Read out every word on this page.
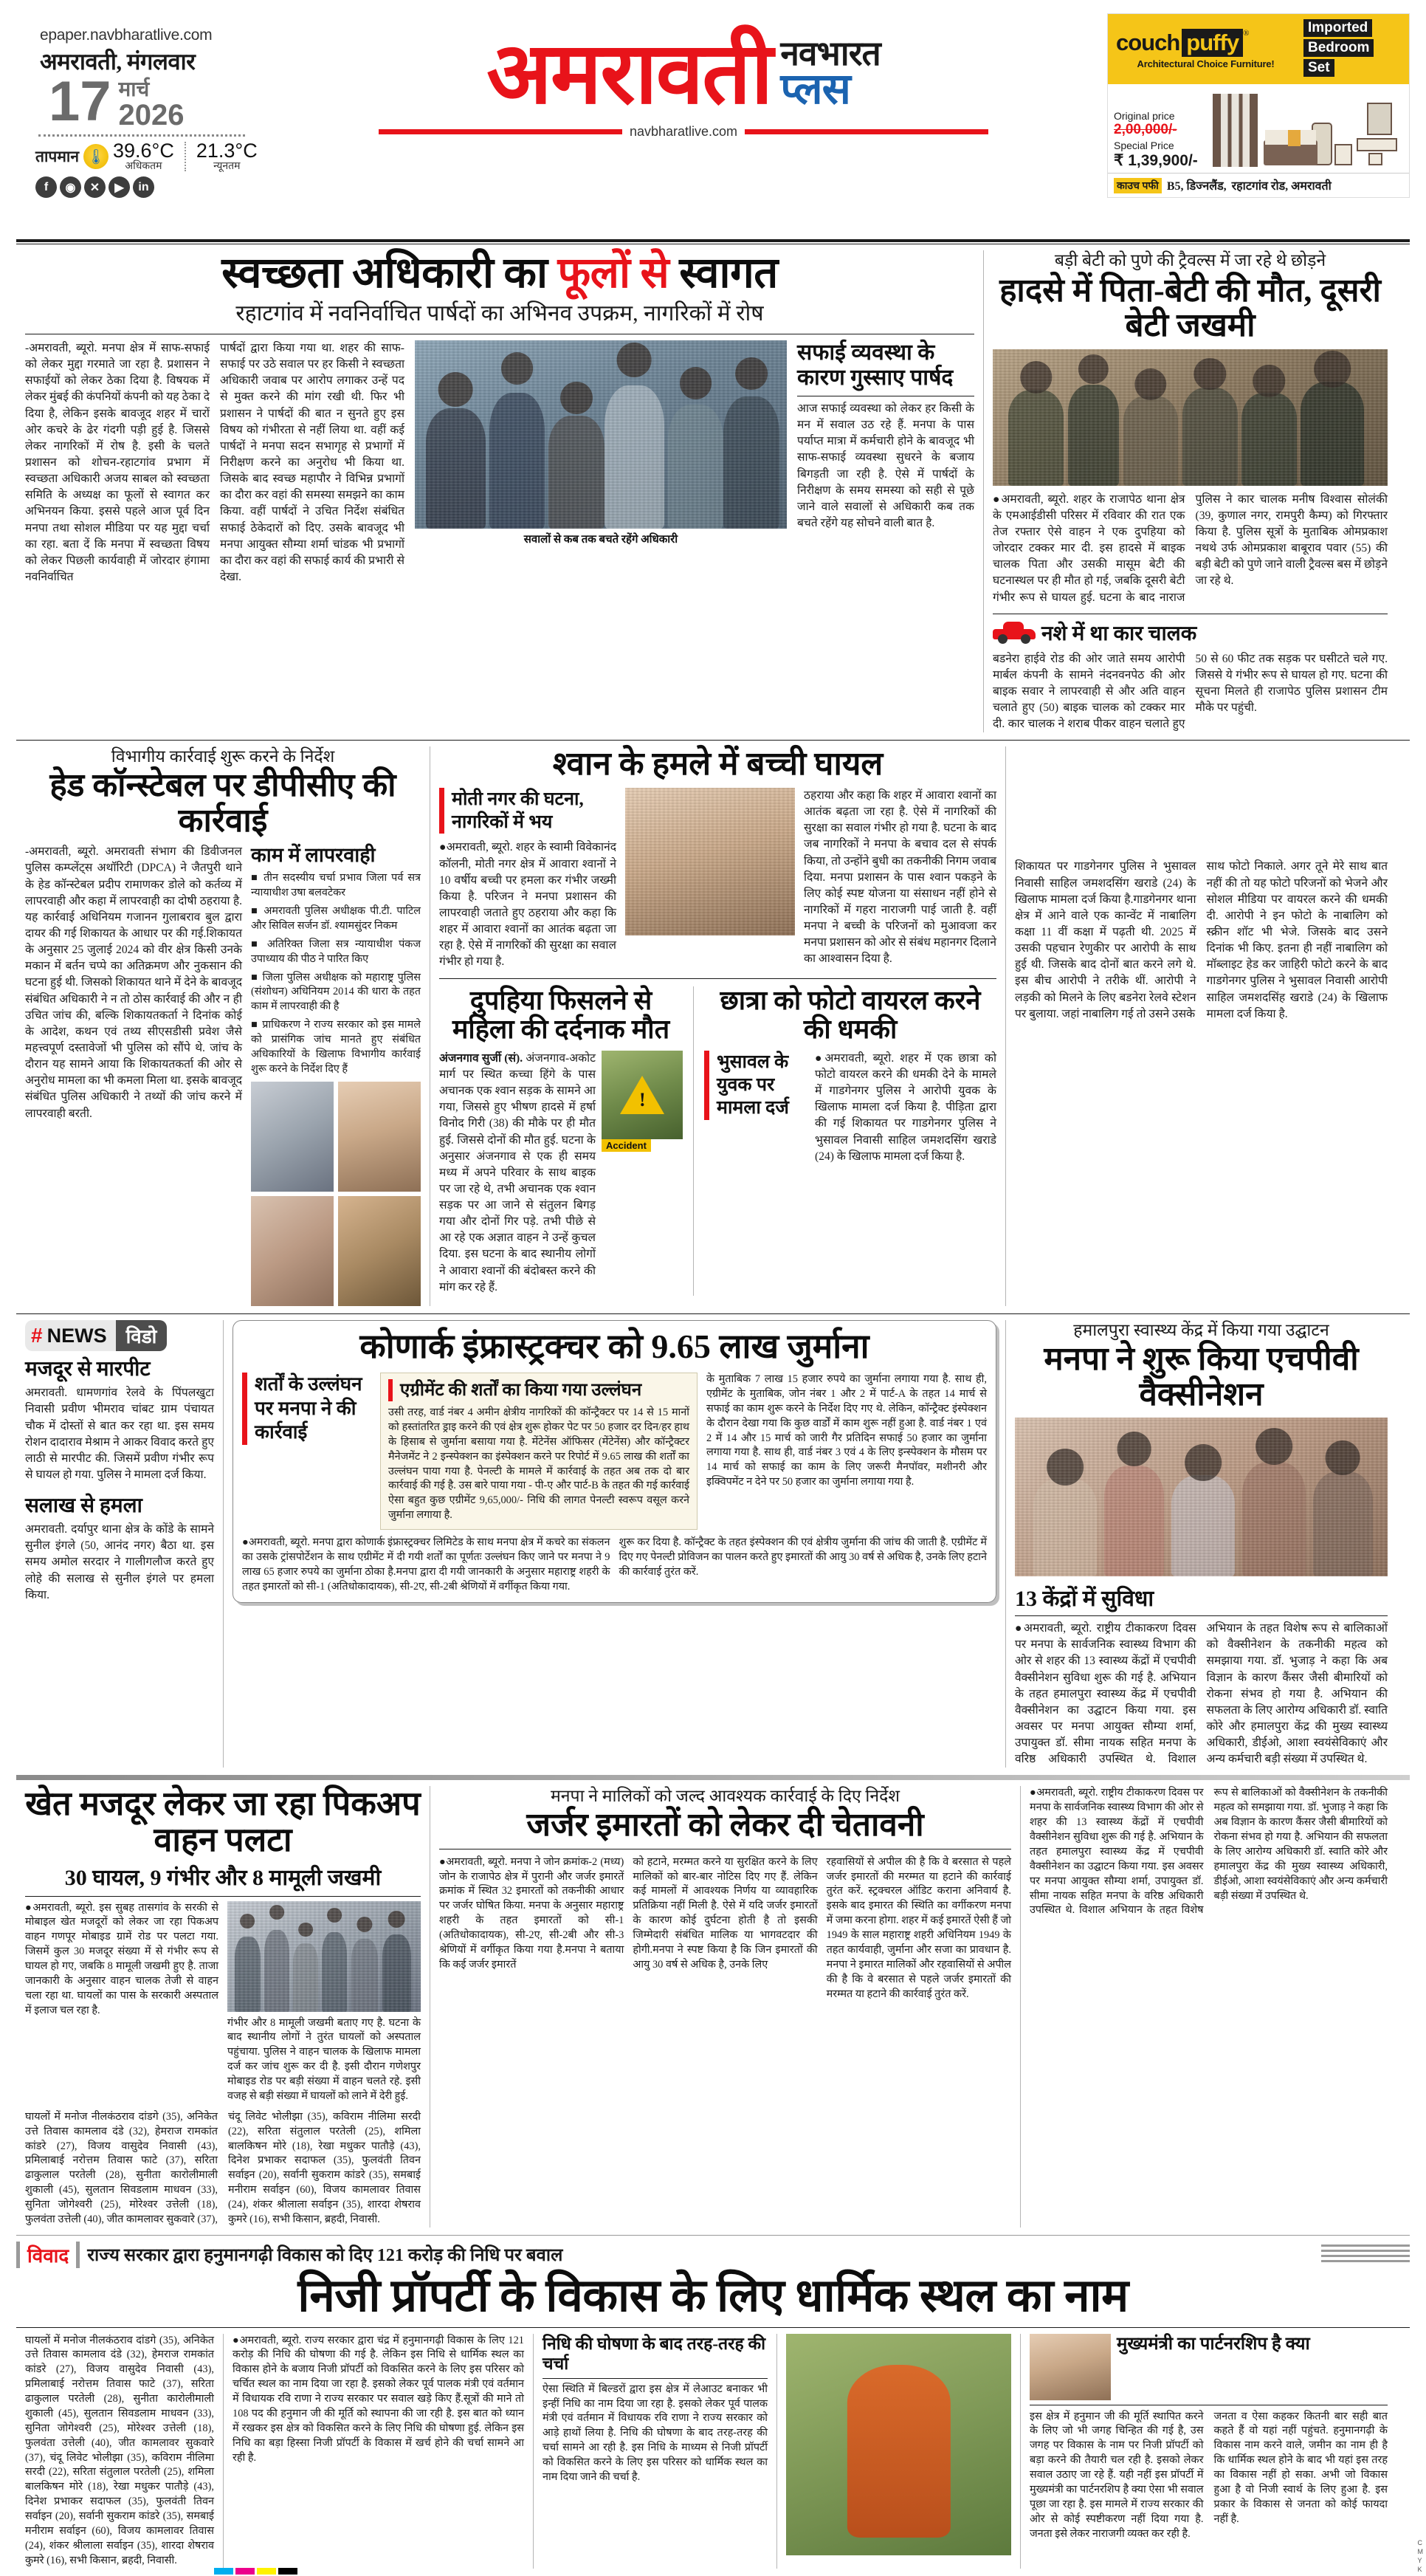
epaper.navbharatlive.com
अमरावती, मंगलवार
17 मार्च
2026
तापमान 🌡 39.6°C
अधिकतम
21.3°C
न्यूनतम
f	◉	✕	▶	in
अमरावती नवभारत
प्लस
navbharatlive.com
couch puffy ®
Architectural Choice Furniture!
Imported Bedroom Set
Original price
2,00,000/-
Special Price
₹ 1,39,900/-
काउच पफी B5, डिज्नलैंड, रहाटगांव रोड, अमरावती
स्वच्छता अधिकारी का फूलों से स्वागत
रहाटगांव में नवनिर्वाचित पार्षदों का अभिनव उपक्रम, नागरिकों में रोष

-अमरावती, ब्यूरो. मनपा क्षेत्र में साफ-सफाई को लेकर मुद्दा गरमाते जा रहा है. प्रशासन ने सफाईयों को लेकर ठेका दिया है. विषयक में लेकर मुंबई की कंपनियों कंपनी को यह ठेका दे दिया है, लेकिन इसके बावजूद शहर में चारों ओर कचरे के ढेर गंदगी पड़ी हुई है. जिससे लेकर नागरिकों में रोष है. इसी के चलते प्रशासन को शोचन-रहाटगांव प्रभाग में स्वच्छता अधिकारी अजय साबल को स्वच्छता समिति के अध्यक्ष का फूलों से स्वागत कर अभिनयन किया. इससे पहले आज पूर्व दिन मनपा तथा सोशल मीडिया पर यह मुद्दा चर्चा का रहा. बता दें कि मनपा में स्वच्छता विषय को लेकर पिछली कार्यवाही में जोरदार हंगामा नवनिर्वाचित

पार्षदों द्वारा किया गया था. शहर की साफ-सफाई पर उठे सवाल पर हर किसी ने स्वच्छता अधिकारी जवाब पर आरोप लगाकर उन्हें पद से मुक्त करने की मांग रखी थी. फिर भी प्रशासन ने पार्षदों की बात न सुनते हुए इस विषय को गंभीरता से नहीं लिया था. वहीं कई पार्षदों ने मनपा सदन सभागृह से प्रभागों में निरीक्षण करने का अनुरोध भी किया था. जिसके बाद स्वच्छ महापौर ने विभिन्न प्रभागों का दौरा कर वहां की समस्या समझने का काम किया. वहीं पार्षदों ने उचित निर्देश संबंधित सफाई ठेकेदारों को दिए. उसके बावजूद भी मनपा आयुक्त सौम्या शर्मा चांडक भी प्रभागों का दौरा कर वहां की सफाई कार्य की प्रभारी से देखा.

सवालों से कब तक बचते रहेंगे अधिकारी
सफाई व्यवस्था के कारण गुस्साए पार्षद

आज सफाई व्यवस्था को लेकर हर किसी के मन में सवाल उठ रहे हैं. मनपा के पास पर्याप्त मात्रा में कर्मचारी होने के बावजूद भी साफ-सफाई व्यवस्था सुधरने के बजाय बिगड़ती जा रही है. ऐसे में पार्षदों के निरीक्षण के समय समस्या को सही से पूछे जाने वाले सवालों से अधिकारी कब तक बचते रहेंगे यह सोचने वाली बात है.

बड़ी बेटी को पुणे की ट्रैवल्स में जा रहे थे छोड़ने
हादसे में पिता-बेटी की मौत, दूसरी बेटी जखमी

●अमरावती, ब्यूरो. शहर के राजापेठ थाना क्षेत्र के एमआईडीसी परिसर में रविवार की रात एक तेज रफ्तार ऐसे वाहन ने एक दुपहिया को जोरदार टक्कर मार दी. इस हादसे में बाइक चालक पिता और उसकी मासूम बेटी की घटनास्थल पर ही मौत हो गई, जबकि दूसरी बेटी गंभीर रूप से घायल हुई. घटना के बाद नाराज पुलिस ने कार चालक मनीष विश्वास सोलंकी (39, कुणाल नगर, रामपुरी कैम्प) को गिरफ्तार किया है. पुलिस सूत्रों के मुताबिक ओमप्रकाश नथथे उर्फ ओमप्रकाश बाबूराव पवार (55) की बड़ी बेटी को पुणे जाने वाली ट्रैवल्स बस में छोड़ने जा रहे थे.

नशे में था कार चालक

बडनेरा हाईवे रोड की ओर जाते समय आरोपी मार्बल कंपनी के सामने नंदनवनपेठ की ओर बाइक सवार ने लापरवाही से और अति वाहन चलाते हुए (50) बाइक चालक को टक्कर मार दी. कार चालक ने शराब पीकर वाहन चलाते हुए 50 से 60 फीट तक सड़क पर घसीटते चले गए. जिससे ये गंभीर रूप से घायल हो गए. घटना की सूचना मिलते ही राजापेठ पुलिस प्रशासन टीम मौके पर पहुंची.

विभागीय कार्रवाई शुरू करने के निर्देश
हेड कॉन्स्टेबल पर डीपीसीए की कार्रवाई

-अमरावती, ब्यूरो. अमरावती संभाग की डिवीजनल पुलिस कम्प्लेंट्स अथॉरिटी (DPCA) ने जैतपुरी थाने के हेड कॉन्स्टेबल प्रदीप रामाणकर डोले को कर्तव्य में लापरवाही और कहा में लापरवाही का दोषी ठहराया है. यह कार्रवाई अधिनियम गजानन गुलाबराव बुल द्वारा दायर की गई शिकायत के आधार पर की गई.शिकायत के अनुसार 25 जुलाई 2024 को वीर क्षेत्र किसी उनके मकान में बर्तन चप्पे का अतिक्रमण और नुकसान की घटना हुई थी. जिसको शिकायत थाने में देने के बावजूद संबंधित अधिकारी ने न तो ठोस कार्रवाई की और न ही उचित जांच की, बल्कि शिकायतकर्ता ने दिनांक कोई के आदेश, कथन एवं तथ्य सीएसडीसी प्रवेश जैसे महत्त्वपूर्ण दस्तावेजों भी पुलिस को सौंपे थे. जांच के दौरान यह सामने आया कि शिकायतकर्ता की ओर से अनुरोध मामला का भी कमला मिला था. इसके बावजूद संबंधित पुलिस अधिकारी ने तथ्यों की जांच करने में लापरवाही बरती.

काम में लापरवाही
■ तीन सदस्यीय चर्चा प्रभाव जिला पर्व सत्र न्यायाधीश उषा बलवटेकर
■ अमरावती पुलिस अधीक्षक पी.टी. पाटिल और सिविल सर्जन डॉ. श्यामसुंदर निकम
■ अतिरिक्त जिला सत्र न्यायाधीश पंकज उपाध्याय की पीठ ने पारित किए
■ जिला पुलिस अधीक्षक को महाराष्ट्र पुलिस (संशोधन) अधिनियम 2014 की धारा के तहत काम में लापरवाही की है
■ प्राधिकरण ने राज्य सरकार को इस मामले को प्रासंगिक जांच मानते हुए संबंधित अधिकारियों के खिलाफ विभागीय कार्रवाई शुरू करने के निर्देश दिए हैं
श्वान के हमले में बच्ची घायल
मोती नगर की घटना, नागरिकों में भय

●अमरावती, ब्यूरो. शहर के स्वामी विवेकानंद कॉलनी, मोती नगर क्षेत्र में आवारा श्वानों ने 10 वर्षीय बच्ची पर हमला कर गंभीर जख्मी किया है. परिजन ने मनपा प्रशासन की लापरवाही जताते हुए ठहराया और कहा कि शहर में आवारा श्वानों का आतंक बढ़ता जा रहा है. ऐसे में नागरिकों की सुरक्षा का सवाल गंभीर हो गया है.

ठहराया और कहा कि शहर में आवारा श्वानों का आतंक बढ़ता जा रहा है. ऐसे में नागरिकों की सुरक्षा का सवाल गंभीर हो गया है. घटना के बाद जब नागरिकों ने मनपा के बचाव दल से संपर्क किया, तो उन्होंने बुधी का तकनीकी निगम जवाब दिया. मनपा प्रशासन के पास श्वान पकड़ने के लिए कोई स्पष्ट योजना या संसाधन नहीं होने से नागरिकों में गहरा नाराजगी पाई जाती है. वहीं मनपा ने बच्ची के परिजनों को मुआवजा कर मनपा प्रशासन को ओर से संबंध महानगर दिलाने का आश्वासन दिया है.

दुपहिया फिसलने से महिला की दर्दनाक मौत

अंजनगाव सुर्जी (सं). अंजनगाव-अकोट मार्ग पर स्थित कच्चा हिंगे के पास अचानक एक श्वान सड़क के सामने आ गया, जिससे हुए भीषण हादसे में हर्षा विनोद गिरी (38) की मौके पर ही मौत हुई. जिससे दोनों की मौत हुई. घटना के अनुसार अंजनगाव से एक ही समय मध्य में अपने परिवार के साथ बाइक पर जा रहे थे, तभी अचानक एक श्वान सड़क पर आ जाने से संतुलन बिगड़ गया और दोनों गिर पड़े. तभी पीछे से आ रहे एक अज्ञात वाहन ने उन्हें कुचल दिया. इस घटना के बाद स्थानीय लोगों ने आवारा श्वानों की बंदोबस्त करने की मांग कर रहे हैं.

!
Accident
छात्रा को फोटो वायरल करने की धमकी
भुसावल के युवक पर मामला दर्ज

●अमरावती, ब्यूरो. शहर में एक छात्रा को फोटो वायरल करने की धमकी देने के मामले में गाडगेनगर पुलिस ने आरोपी युवक के खिलाफ मामला दर्ज किया है. पीड़िता द्वारा की गई शिकायत पर गाडगेनगर पुलिस ने भुसावल निवासी साहिल जमशदसिंग खराडे (24) के खिलाफ मामला दर्ज किया है.

शिकायत पर गाडगेनगर पुलिस ने भुसावल निवासी साहिल जमशदसिंग खराडे (24) के खिलाफ मामला दर्ज किया है.गाडगेनगर थाना क्षेत्र में आने वाले एक कान्वेंट में नाबालिग कक्षा 11 वीं कक्षा में पढ़ती थी. 2025 में उसकी पहचान रेणुकीर पर आरोपी के साथ हुई थी. जिसके बाद दोनों बात करने लगे थे. इस बीच आरोपी ने तरीके थीं. आरोपी ने लड़की को मिलने के लिए बडनेरा रेलवे स्टेशन पर बुलाया. जहां नाबालिग गई तो उसने उसके

साथ फोटो निकाले. अगर तूने मेरे साथ बात नहीं की तो यह फोटो परिजनों को भेजने और सोशल मीडिया पर वायरल करने की धमकी दी. आरोपी ने इन फोटो के नाबालिग को स्क्रीन शॉट भी भेजे. जिसके बाद उसने दिनांक भी किए. इतना ही नहीं नाबालिग को मॉब्लाइट हेड कर जाहिरी फोटो करने के बाद गाडगेनगर पुलिस ने भुसावल निवासी आरोपी साहिल जमशदसिंह खराडे (24) के खिलाफ मामला दर्ज किया है.

# NEWS	विडो
मजदूर से मारपीट

अमरावती. धामणगांव रेलवे के पिंपलखुटा निवासी प्रवीण भीमराव चांबट ग्राम पंचायत चौक में दोस्तों से बात कर रहा था. इस समय रोशन दादाराव मेश्राम ने आकर विवाद करते हुए लाठी से मारपीट की. जिसमें प्रवीण गंभीर रूप से घायल हो गया. पुलिस ने मामला दर्ज किया.

सलाख से हमला

अमरावती. दर्यापुर थाना क्षेत्र के कोंडे के सामने सुनील इंगले (50, आनंद नगर) बैठा था. इस समय अमोल सरदार ने गालीगलौज करते हुए लोहे की सलाख से सुनील इंगले पर हमला किया.

कोणार्क इंफ्रास्ट्रक्चर को 9.65 लाख जुर्माना
शर्तों के उल्लंघन पर मनपा ने की कार्रवाई
एग्रीमेंट की शर्तों का किया गया उल्लंघन

उसी तरह, वार्ड नंबर 4 अमीन क्षेत्रीय नागरिकों की कॉन्ट्रैक्टर पर 14 से 15 मानों को हस्तांतरित ड्राइ करने की एवं क्षेत्र शुरू होकर पेट पर 50 हजार दर दिन/हर हाथ के हिसाब से जुर्माना बसाया गया है. मेंटेनेंस ऑफिसर (मेंटेनेंस) और कॉन्ट्रैक्टर मैनेजमेंट ने 2 इन्स्पेक्शन का इंस्पेक्शन करने पर रिपोर्ट में 9.65 लाख की शर्तों का उल्लंघन पाया गया है. पेनल्टी के मामले में कार्रवाई के तहत अब तक दो बार कार्रवाई की गई है. उस बारे पाया गया - पी-ए और पार्ट-B के तहत की गई कार्रवाई ऐसा बहुत कुछ एग्रीमेंट 9,65,000/- निधि की लागत पेनल्टी स्वरूप वसूल करने जुर्माना लगाया है.

के मुताबिक 7 लाख 15 हजार रुपये का जुर्माना लगाया गया है. साथ ही, एग्रीमेंट के मुताबिक, जोन नंबर 1 और 2 में पार्ट-A के तहत 14 मार्च से सफाई का काम शुरू करने के निर्देश दिए गए थे. लेकिन, कॉन्ट्रैक्ट इंस्पेक्शन के दौरान देखा गया कि कुछ वार्डों में काम शुरू नहीं हुआ है. वार्ड नंबर 1 एवं 2 में 14 और 15 मार्च को जारी गैर प्रतिदिन सफाई 50 हजार का जुर्माना लगाया गया है. साथ ही, वार्ड नंबर 3 एवं 4 के लिए इन्स्पेक्शन के मौसम पर 14 मार्च को सफाई का काम के लिए जरूरी मैनपॉवर, मशीनरी और इक्विपमेंट न देने पर 50 हजार का जुर्माना लगाया गया है.

●अमरावती, ब्यूरो. मनपा द्वारा कोणार्क इंफ्रास्ट्रक्चर लिमिटेड के साथ मनपा क्षेत्र में कचरे का संकलन का उसके ट्रांसपोर्टेशन के साथ एग्रीमेंट में दी गयी शर्तों का पूर्णतः उल्लंघन किए जाने पर मनपा ने 9 लाख 65 हजार रुपये का जुर्माना ठोका है.मनपा द्वारा दी गयी जानकारी के अनुसार महाराष्ट्र शहरी के तहत इमारतों को सी-1 (अतिधोकादायक), सी-2ए, सी-2बी श्रेणियों में वर्गीकृत किया गया.

शुरू कर दिया है. कॉन्ट्रैक्ट के तहत इंस्पेक्शन की एवं क्षेत्रीय जुर्माना की जांच की जाती है. एग्रीमेंट में दिए गए पेनल्टी प्रोविजन का पालन करते हुए इमारतों की आयु 30 वर्ष से अधिक है, उनके लिए हटाने की कार्रवाई तुरंत करें.

हमालपुरा स्वास्थ्य केंद्र में किया गया उद्घाटन
मनपा ने शुरू किया एचपीवी वैक्सीनेशन
13 केंद्रों में सुविधा

●अमरावती, ब्यूरो. राष्ट्रीय टीकाकरण दिवस पर मनपा के सार्वजनिक स्वास्थ्य विभाग की ओर से शहर की 13 स्वास्थ्य केंद्रों में एचपीवी वैक्सीनेशन सुविधा शुरू की गई है. अभियान के तहत हमालपुरा स्वास्थ्य केंद्र में एचपीवी वैक्सीनेशन का उद्घाटन किया गया. इस अवसर पर मनपा आयुक्त सौम्या शर्मा, उपायुक्त डॉ. सीमा नायक सहित मनपा के वरिष्ठ अधिकारी उपस्थित थे. विशाल अभियान के तहत विशेष रूप से बालिकाओं को वैक्सीनेशन के तकनीकी महत्व को समझाया गया. डॉ. भुजाड़ ने कहा कि अब विज्ञान के कारण कैंसर जैसी बीमारियों को रोकना संभव हो गया है. अभियान की सफलता के लिए आरोग्य अधिकारी डॉ. स्वाति कोरे और हमालपुरा केंद्र की मुख्य स्वास्थ्य अधिकारी, डीईओ, आशा स्वयंसेविकाएं और अन्य कर्मचारी बड़ी संख्या में उपस्थित थे.

खेत मजदूर लेकर जा रहा पिकअप वाहन पलटा
30 घायल, 9 गंभीर और 8 मामूली जखमी

●अमरावती, ब्यूरो. इस सुबह तासगांव के सरकी से मोबाइल खेत मजदूरों को लेकर जा रहा पिकअप वाहन गणपूर मोबाइड ग्रामें रोड पर पलटा गया. जिसमें कुल 30 मजदूर संख्या में से गंभीर रूप से घायल हो गए, जबकि 8 मामूली जखमी हुए है. ताजा जानकारी के अनुसार वाहन चालक तेजी से वाहन चला रहा था. घायलों का पास के सरकारी अस्पताल में इलाज चल रहा है.

गंभीर और 8 मामूली जखमी बताए गए है. घटना के बाद स्थानीय लोगों ने तुरंत घायलों को अस्पताल पहुंचाया. पुलिस ने वाहन चालक के खिलाफ मामला दर्ज कर जांच शुरू कर दी है. इसी दौरान गणेशपुर मोबाइड रोड पर बड़ी संख्या में वाहन चलते रहे. इसी वजह से बड़ी संख्या में घायलों को लाने में देरी हुई.

घायलों में मनोज नीलकंठराव दांडगे (35), अनिकेत उत्ते तिवास कामलाव दंडे (32), हेमराज रामकांत कांडरे (27), विजय वासुदेव निवासी (43), प्रमिलाबाई नरोत्तम तिवास फाटे (37), सरिता ढाकुलाल परतेली (28), सुनीता कारोलीमाली शुकाली (45), सुलतान सिवडलाम माधवन (33), सुनिता जोगेश्वरी (25), मोरेश्वर उत्तेली (18), फुलवंता उत्तेली (40), जीत कामलावर सुकवारे (37), चंदू लिवेट भोलीझा (35), कविराम नीलिमा सरदी (22), सरिता संतुलाल परतेली (25), शमिला बालकिषन मोरे (18), रेखा मधुकर पातौड़े (43), दिनेश प्रभाकर सदाफल (35), फुलवंती तिवन सर्वाइन (20), सर्वानी सुकराम कांडरे (35), समबाई मनीराम सर्वाइन (60), विजय कामलावर तिवास (24), शंकर श्रीलाला सर्वाइन (35), शारदा शेषराव कुमरे (16), सभी किसान, ब्रहदी, निवासी.

मनपा ने मालिकों को जल्द आवश्यक कार्रवाई के दिए निर्देश
जर्जर इमारतों को लेकर दी चेतावनी

●अमरावती, ब्यूरो. मनपा ने जोन क्रमांक-2 (मध्य) जोन के राजापेठ क्षेत्र में पुरानी और जर्जर इमारतें क्रमांक में स्थित 32 इमारतों को तकनीकी आधार पर जर्जर घोषित किया. मनपा के अनुसार महाराष्ट्र शहरी के तहत इमारतों को सी-1 (अतिधोकादायक), सी-2ए, सी-2बी और सी-3 श्रेणियों में वर्गीकृत किया गया है.मनपा ने बताया कि कई जर्जर इमारतें

को हटाने, मरम्मत करने या सुरक्षित करने के लिए मालिकों को बार-बार नोटिस दिए गए हैं. लेकिन कई मामलों में आवश्यक निर्णय या व्यावहारिक प्रतिक्रिया नहीं मिली है. ऐसे में यदि जर्जर इमारतों के कारण कोई दुर्घटना होती है तो इसकी जिम्मेदारी संबंधित मालिक या भागवटदार की होगी.मनपा ने स्पष्ट किया है कि जिन इमारतों की आयु 30 वर्ष से अधिक है, उनके लिए

रहवासियों से अपील की है कि वे बरसात से पहले जर्जर इमारतों की मरम्मत या हटाने की कार्रवाई तुरंत करें. स्ट्रक्चरल ऑडिट कराना अनिवार्य है. इसके बाद इमारत की स्थिति का वर्गीकरण मनपा में जमा करना होगा. शहर में कई इमारतें ऐसी हैं जो 1949 के साल महाराष्ट्र शहरी अधिनियम 1949 के तहत कार्यवाही, जुर्माना और सजा का प्रावधान है. मनपा ने इमारत मालिकों और रहवासियों से अपील की है कि वे बरसात से पहले जर्जर इमारतों की मरम्मत या हटाने की कार्रवाई तुरंत करें.

●अमरावती, ब्यूरो. राष्ट्रीय टीकाकरण दिवस पर मनपा के सार्वजनिक स्वास्थ्य विभाग की ओर से शहर की 13 स्वास्थ्य केंद्रों में एचपीवी वैक्सीनेशन सुविधा शुरू की गई है. अभियान के तहत हमालपुरा स्वास्थ्य केंद्र में एचपीवी वैक्सीनेशन का उद्घाटन किया गया. इस अवसर पर मनपा आयुक्त सौम्या शर्मा, उपायुक्त डॉ. सीमा नायक सहित मनपा के वरिष्ठ अधिकारी उपस्थित थे. विशाल अभियान के तहत विशेष रूप से बालिकाओं को वैक्सीनेशन के तकनीकी महत्व को समझाया गया. डॉ. भुजाड़ ने कहा कि अब विज्ञान के कारण कैंसर जैसी बीमारियों को रोकना संभव हो गया है. अभियान की सफलता के लिए आरोग्य अधिकारी डॉ. स्वाति कोरे और हमालपुरा केंद्र की मुख्य स्वास्थ्य अधिकारी, डीईओ, आशा स्वयंसेविकाएं और अन्य कर्मचारी बड़ी संख्या में उपस्थित थे.

विवाद	राज्य सरकार द्वारा हनुमानगढ़ी विकास को दिए 121 करोड़ की निधि पर बवाल
निजी प्रॉपर्टी के विकास के लिए धार्मिक स्थल का नाम

घायलों में मनोज नीलकंठराव दांडगे (35), अनिकेत उत्ते तिवास कामलाव दंडे (32), हेमराज रामकांत कांडरे (27), विजय वासुदेव निवासी (43), प्रमिलाबाई नरोत्तम तिवास फाटे (37), सरिता ढाकुलाल परतेली (28), सुनीता कारोलीमाली शुकाली (45), सुलतान सिवडलाम माधवन (33), सुनिता जोगेश्वरी (25), मोरेश्वर उत्तेली (18), फुलवंता उत्तेली (40), जीत कामलावर सुकवारे (37), चंदू लिवेट भोलीझा (35), कविराम नीलिमा सरदी (22), सरिता संतुलाल परतेली (25), शमिला बालकिषन मोरे (18), रेखा मधुकर पातौड़े (43), दिनेश प्रभाकर सदाफल (35), फुलवंती तिवन सर्वाइन (20), सर्वानी सुकराम कांडरे (35), समबाई मनीराम सर्वाइन (60), विजय कामलावर तिवास (24), शंकर श्रीलाला सर्वाइन (35), शारदा शेषराव कुमरे (16), सभी किसान, ब्रहदी, निवासी.

●अमरावती, ब्यूरो. राज्य सरकार द्वारा चंद्र में हनुमानगढ़ी विकास के लिए 121 करोड़ की निधि की घोषणा की गई है. लेकिन इस निधि से धार्मिक स्थल का विकास होने के बजाय निजी प्रॉपर्टी को विकसित करने के लिए इस परिसर को चर्चित स्थल का नाम दिया जा रहा है. इसको लेकर पूर्व पालक मंत्री एवं वर्तमान में विधायक रवि राणा ने राज्य सरकार पर सवाल खड़े किए हैं.सूत्रों की माने तो 108 पद की हनुमान जी की मूर्ति को स्थापना की जा रही है. इस बात को ध्यान में रखकर इस क्षेत्र को विकसित करने के लिए निधि की घोषणा हुई. लेकिन इस निधि का बड़ा हिस्सा निजी प्रॉपर्टी के विकास में खर्च होने की चर्चा सामने आ रही है.

निधि की घोषणा के बाद तरह-तरह की चर्चा

ऐसा स्थिति में बिल्डरों द्वारा इस क्षेत्र में लेआउट बनाकर भी इन्हीं निधि का नाम दिया जा रहा है. इसको लेकर पूर्व पालक मंत्री एवं वर्तमान में विधायक रवि राणा ने राज्य सरकार को आड़े हाथों लिया है. निधि की घोषणा के बाद तरह-तरह की चर्चा सामने आ रही है. इस निधि के माध्यम से निजी प्रॉपर्टी को विकसित करने के लिए इस परिसर को धार्मिक स्थल का नाम दिया जाने की चर्चा है.

मुख्यमंत्री का पार्टनरशिप है क्या

इस क्षेत्र में हनुमान जी की मूर्ति स्थापित करने के लिए जो भी जगह चिन्हित की गई है, उस जगह पर विकास के नाम पर निजी प्रॉपर्टी को बड़ा करने की तैयारी चल रही है. इसको लेकर सवाल उठाए जा रहे हैं. यही नहीं इस प्रॉपर्टी में मुख्यमंत्री का पार्टनरशिप है क्या ऐसा भी सवाल पूछा जा रहा है. इस मामले में राज्य सरकार की ओर से कोई स्पष्टीकरण नहीं दिया गया है. जनता इसे लेकर नाराजगी व्यक्त कर रही है.

जनता व ऐसा कहकर कितनी बार सही बात कहते हैं वो यहां नहीं पहुंचते. हनुमानगढ़ी के विकास नाम करने वाले, जमीन का नाम ही है कि धार्मिक स्थल होने के बाद भी यहां इस तरह का विकास नहीं हो सका. अभी जो विकास हुआ है वो निजी स्वार्थ के लिए हुआ है. इस प्रकार के विकास से जनता को कोई फायदा नहीं है.

C
M
Y
K
